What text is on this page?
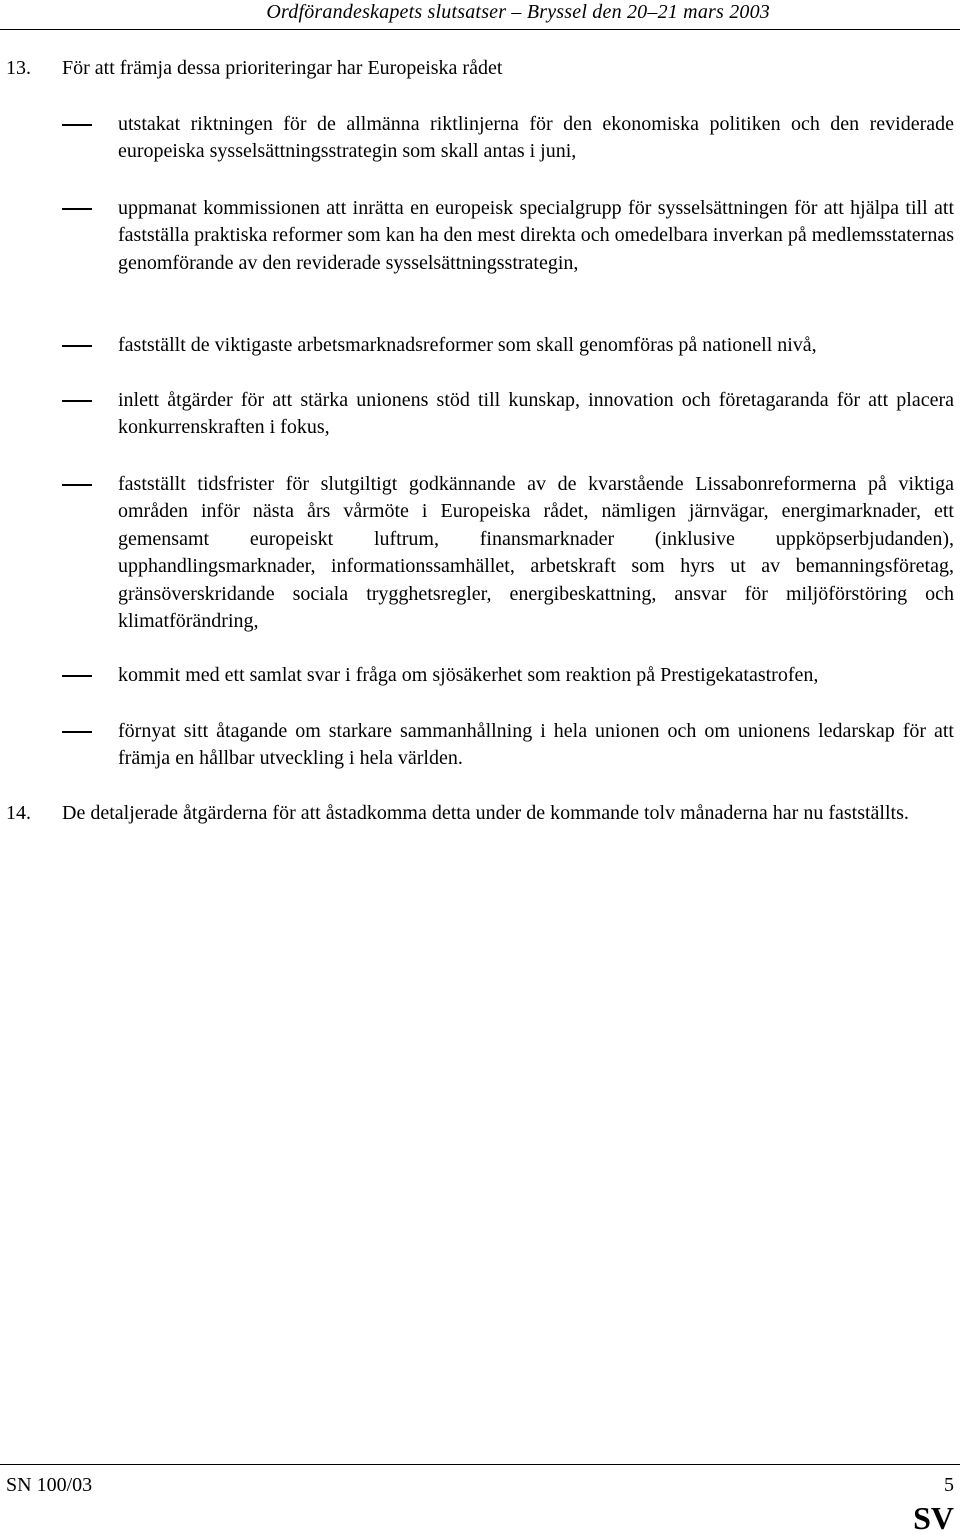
Ordförandeskapets slutsatser – Bryssel den 20–21 mars 2003
13. För att främja dessa prioriteringar har Europeiska rådet
utstakat riktningen för de allmänna riktlinjerna för den ekonomiska politiken och den reviderade europeiska sysselsättningsstrategin som skall antas i juni,
uppmanat kommissionen att inrätta en europeisk specialgrupp för sysselsättningen för att hjälpa till att fastställa praktiska reformer som kan ha den mest direkta och omedelbara inverkan på medlemsstaternas genomförande av den reviderade sysselsättningsstrategin,
fastställt de viktigaste arbetsmarknadsreformer som skall genomföras på nationell nivå,
inlett åtgärder för att stärka unionens stöd till kunskap, innovation och företagaranda för att placera konkurrenskraften i fokus,
fastställt tidsfrister för slutgiltigt godkännande av de kvarstående Lissabonreformerna på viktiga områden inför nästa års vårmöte i Europeiska rådet, nämligen järnvägar, energimarknader, ett gemensamt europeiskt luftrum, finansmarknader (inklusive uppköpserbjudanden), upphandlingsmarknader, informationssamhället, arbetskraft som hyrs ut av bemanningsföretag, gränsöverskridande sociala trygghetsregler, energibeskattning, ansvar för miljöförstöring och klimatförändring,
kommit med ett samlat svar i fråga om sjösäkerhet som reaktion på Prestigekatastrofen,
förnyat sitt åtagande om starkare sammanhållning i hela unionen och om unionens ledarskap för att främja en hållbar utveckling i hela världen.
14. De detaljerade åtgärderna för att åstadkomma detta under de kommande tolv månaderna har nu fastställts.
SN 100/03	5
SV
